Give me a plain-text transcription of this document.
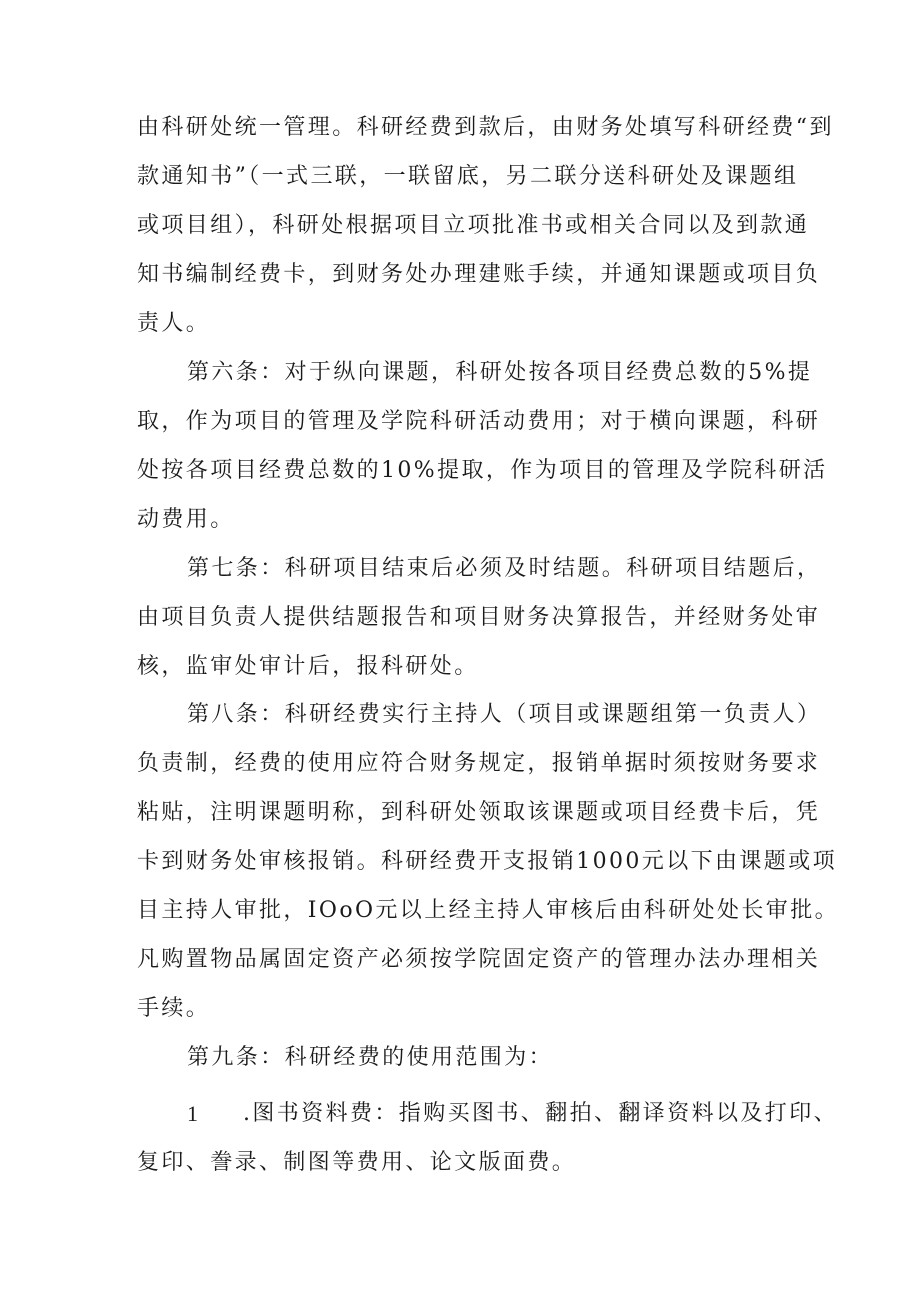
由科研处统一管理。科研经费到款后，由财务处填写科研经费“到
款通知书”（一式三联，一联留底，另二联分送科研处及课题组
或项目组），科研处根据项目立项批准书或相关合同以及到款通
知书编制经费卡，到财务处办理建账手续，并通知课题或项目负
责人。
第六条：对于纵向课题，科研处按各项目经费总数的5%提
取，作为项目的管理及学院科研活动费用；对于横向课题，科研
处按各项目经费总数的10%提取，作为项目的管理及学院科研活
动费用。
第七条：科研项目结束后必须及时结题。科研项目结题后，
由项目负责人提供结题报告和项目财务决算报告，并经财务处审
核，监审处审计后，报科研处。
第八条：科研经费实行主持人（项目或课题组第一负责人）
负责制，经费的使用应符合财务规定，报销单据时须按财务要求
粘贴，注明课题明称，到科研处领取该课题或项目经费卡后，凭
卡到财务处审核报销。科研经费开支报销1000元以下由课题或项
目主持人审批，IOoO元以上经主持人审核后由科研处处长审批。
凡购置物品属固定资产必须按学院固定资产的管理办法办理相关
手续。
第九条：科研经费的使用范围为：
1 .图书资料费：指购买图书、翻拍、翻译资料以及打印、
复印、誊录、制图等费用、论文版面费。
